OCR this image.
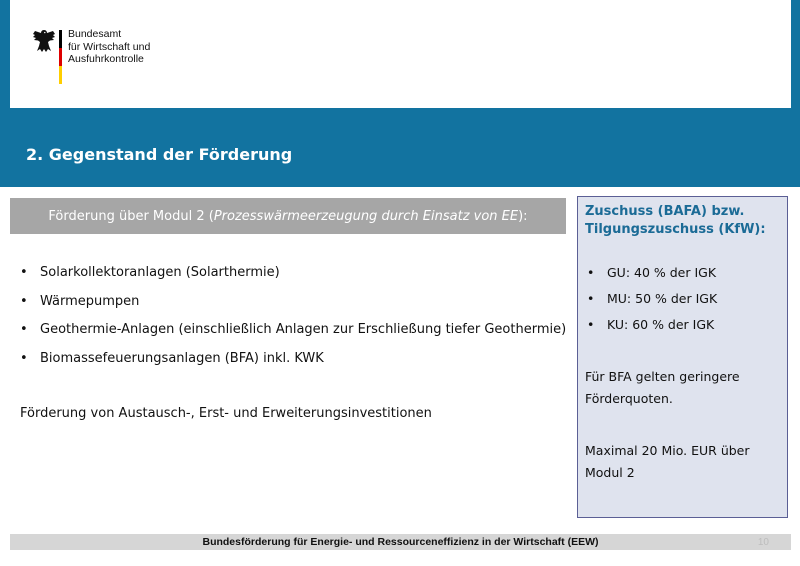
Bundesamt
für Wirtschaft und
Ausfuhrkontrolle
2. Gegenstand der Förderung
Förderung über Modul 2 ( Prozesswärmeerzeugung durch Einsatz von EE ):
• Solarkollektoranlagen (Solarthermie)
• Wärmepumpen
• Geothermie-Anlagen (einschließlich Anlagen zur Erschließung tiefer Geothermie)
• Biomassefeuerungsanlagen (BFA) inkl. KWK
Förderung von Austausch-, Erst- und Erweiterungsinvestitionen
Zuschuss (BAFA) bzw.
Tilgungszuschuss (KfW):
• GU: 40 % der IGK
• MU: 50 % der IGK
• KU: 60 % der IGK
Für BFA gelten geringere
Förderquoten.
Maximal 20 Mio. EUR über
Modul 2
Bundesförderung für Energie- und Ressourceneffizienz in der Wirtschaft (EEW)	10
